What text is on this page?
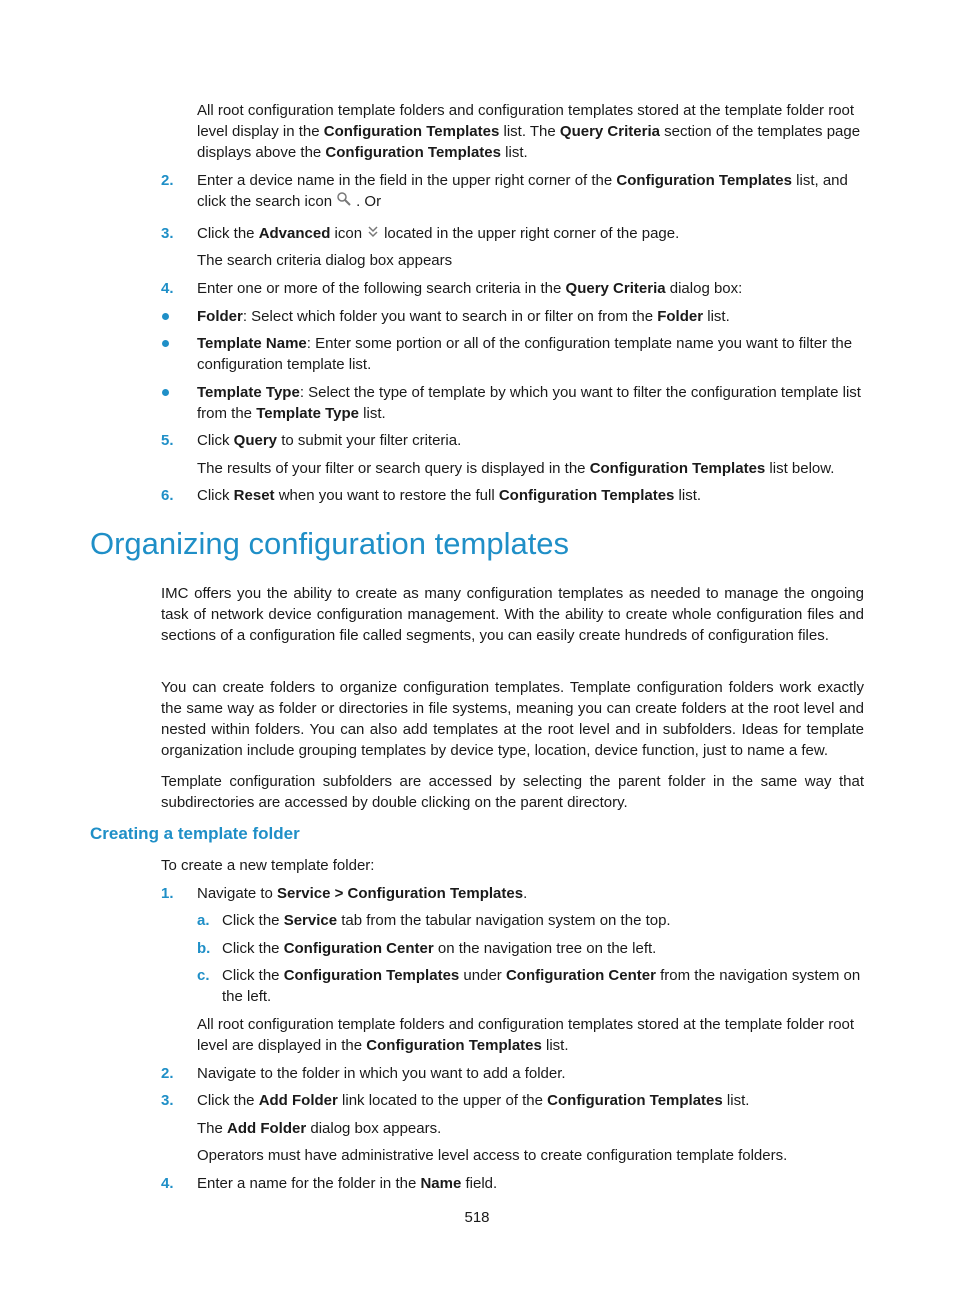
All root configuration template folders and configuration templates stored at the template folder root level display in the Configuration Templates list. The Query Criteria section of the templates page displays above the Configuration Templates list.
2. Enter a device name in the field in the upper right corner of the Configuration Templates list, and click the search icon . Or
3. Click the Advanced icon located in the upper right corner of the page.
The search criteria dialog box appears
4. Enter one or more of the following search criteria in the Query Criteria dialog box:
Folder: Select which folder you want to search in or filter on from the Folder list.
Template Name: Enter some portion or all of the configuration template name you want to filter the configuration template list.
Template Type: Select the type of template by which you want to filter the configuration template list from the Template Type list.
5. Click Query to submit your filter criteria.
The results of your filter or search query is displayed in the Configuration Templates list below.
6. Click Reset when you want to restore the full Configuration Templates list.
Organizing configuration templates
IMC offers you the ability to create as many configuration templates as needed to manage the ongoing task of network device configuration management. With the ability to create whole configuration files and sections of a configuration file called segments, you can easily create hundreds of configuration files.
You can create folders to organize configuration templates. Template configuration folders work exactly the same way as folder or directories in file systems, meaning you can create folders at the root level and nested within folders. You can also add templates at the root level and in subfolders. Ideas for template organization include grouping templates by device type, location, device function, just to name a few.
Template configuration subfolders are accessed by selecting the parent folder in the same way that subdirectories are accessed by double clicking on the parent directory.
Creating a template folder
To create a new template folder:
1. Navigate to Service > Configuration Templates.
a. Click the Service tab from the tabular navigation system on the top.
b. Click the Configuration Center on the navigation tree on the left.
c. Click the Configuration Templates under Configuration Center from the navigation system on the left.
All root configuration template folders and configuration templates stored at the template folder root level are displayed in the Configuration Templates list.
2. Navigate to the folder in which you want to add a folder.
3. Click the Add Folder link located to the upper of the Configuration Templates list.
The Add Folder dialog box appears.
Operators must have administrative level access to create configuration template folders.
4. Enter a name for the folder in the Name field.
518
